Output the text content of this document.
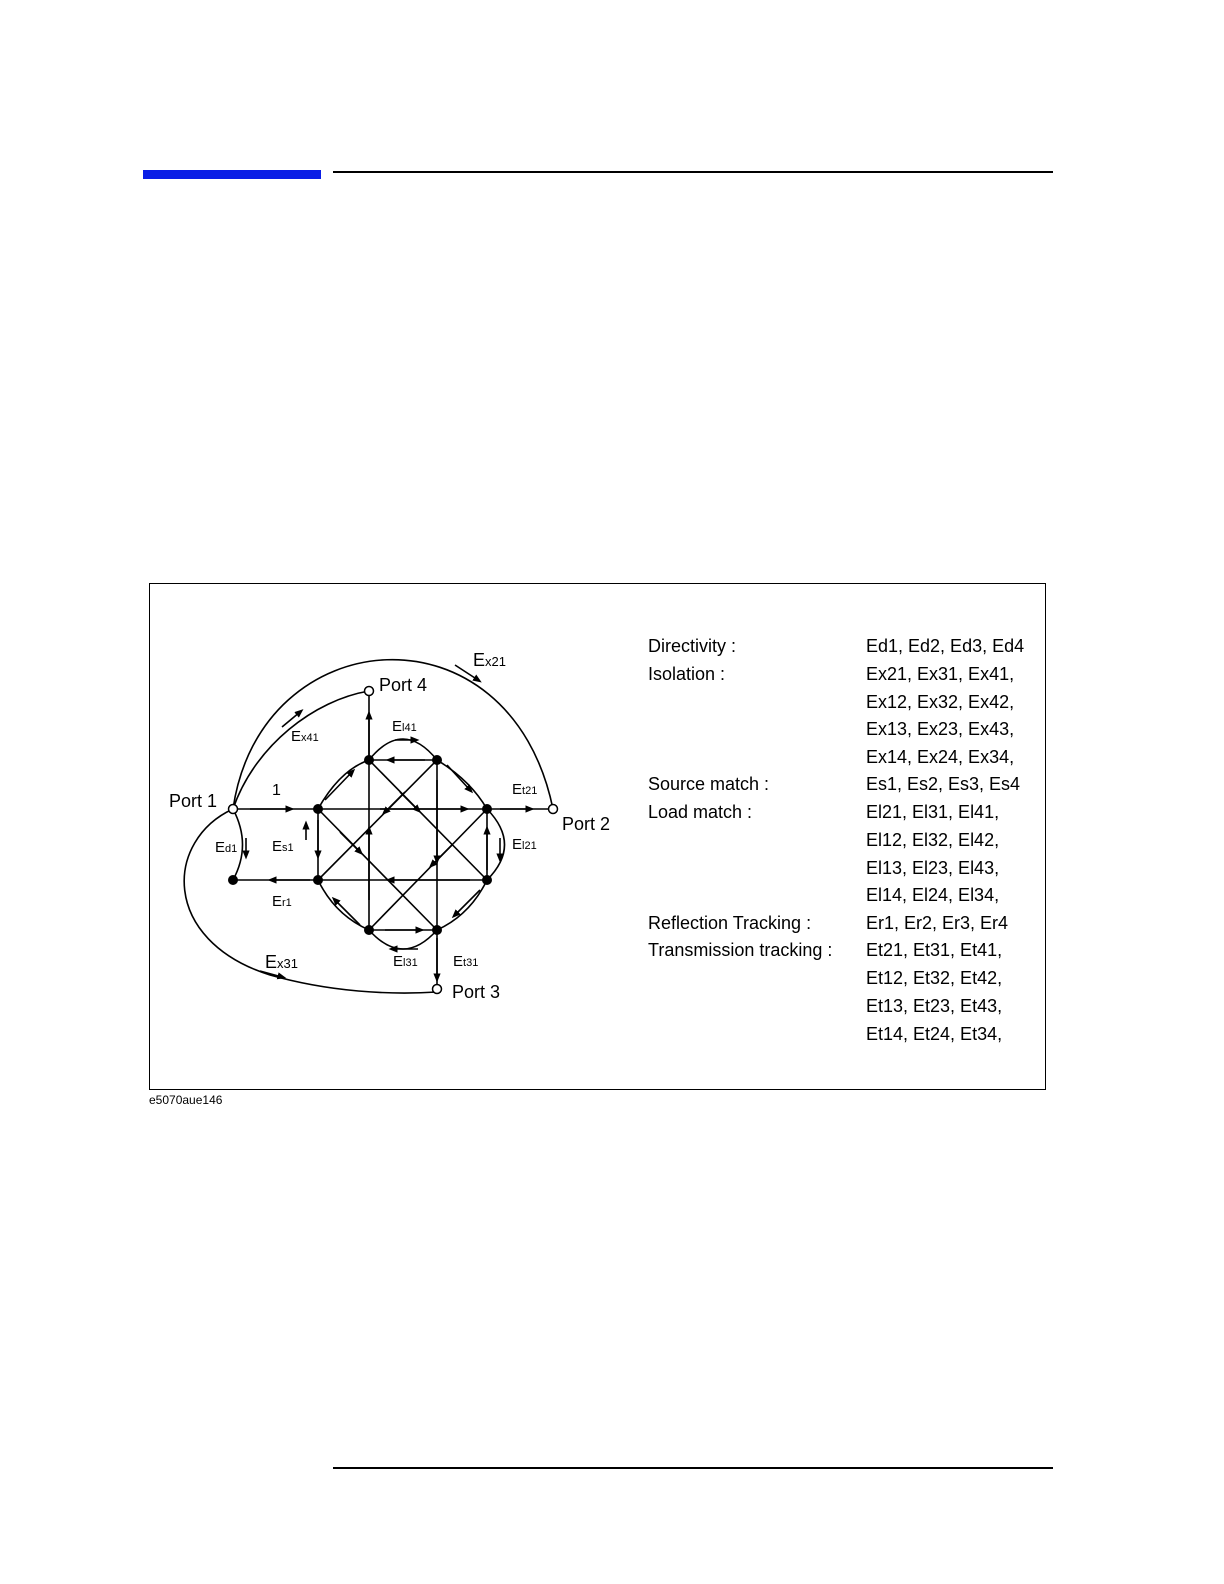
Port 1
Port 2
Port 3
Port 4
1
Ex21
Ex41
Ex31
El41
Et21
El21
Ed1 Es1
Er1
El31 Et31
Directivity :	Ed1, Ed2, Ed3, Ed4
Isolation :	Ex21, Ex31, Ex41,
Ex12, Ex32, Ex42,
Ex13, Ex23, Ex43,
Ex14, Ex24, Ex34,
Source match :	Es1, Es2, Es3, Es4
Load match :	El21, El31, El41,
El12, El32, El42,
El13, El23, El43,
El14, El24, El34,
Reflection Tracking :	Er1, Er2, Er3, Er4
Transmission tracking : Et21, Et31, Et41,
Et12, Et32, Et42,
Et13, Et23, Et43,
Et14, Et24, Et34,
e5070aue146
